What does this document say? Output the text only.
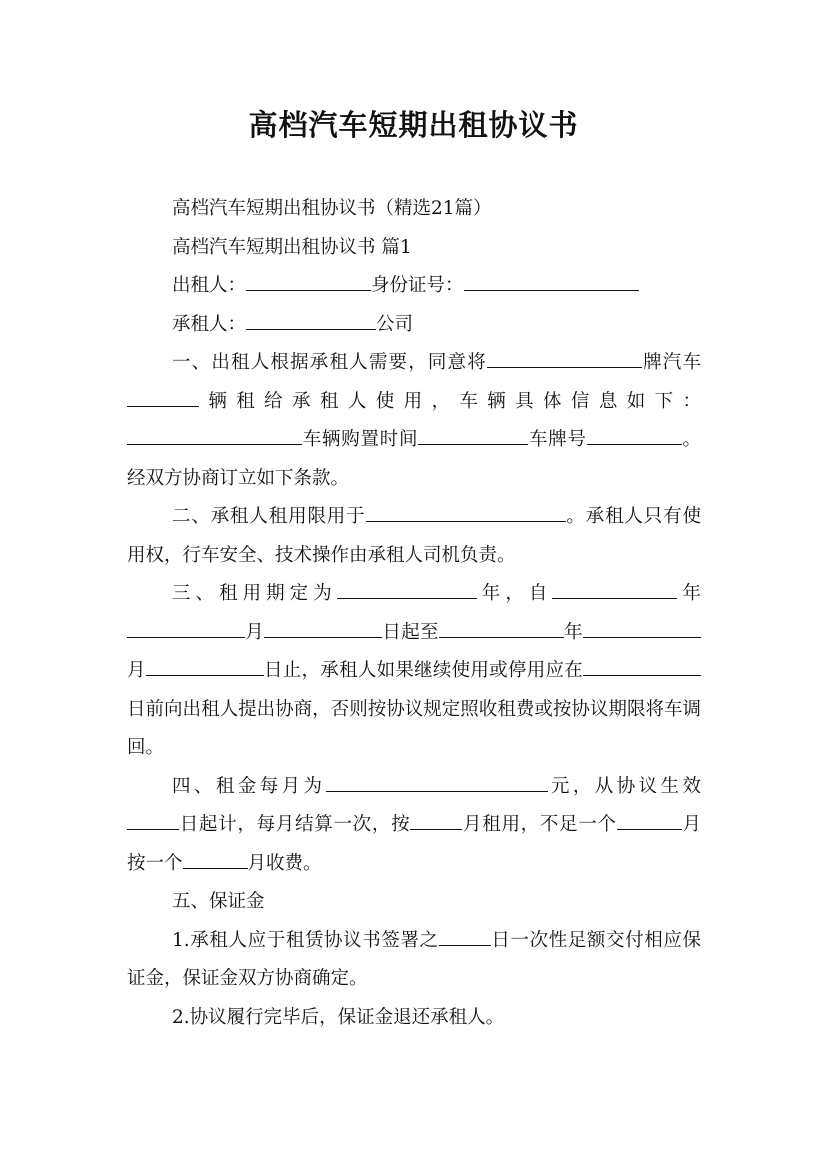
高档汽车短期出租协议书

高档汽车短期出租协议书（精选21篇）

高档汽车短期出租协议书 篇1

出租人：	身份证号：

承租人：	公司

一、出租人根据承租人需要，同意将	牌汽车辆租给承租人使用，车辆具体信息如下：车辆购置时间	车牌号	。经双方协商订立如下条款。

二、承租人租用限用于	。承租人只有使用权，行车安全、技术操作由承租人司机负责。

三、租用期定为	年，自	年月	日起至	年月	日止，承租人如果继续使用或停用应在日前向出租人提出协商，否则按协议规定照收租费或按协议期限将车调回。

四、租金每月为	元，从协议生效日起计，每月结算一次，按	月租用，不足一个	月按一个	月收费。

五、保证金

1.承租人应于租赁协议书签署之	日一次性足额交付相应保证金，保证金双方协商确定。

2.协议履行完毕后，保证金退还承租人。
